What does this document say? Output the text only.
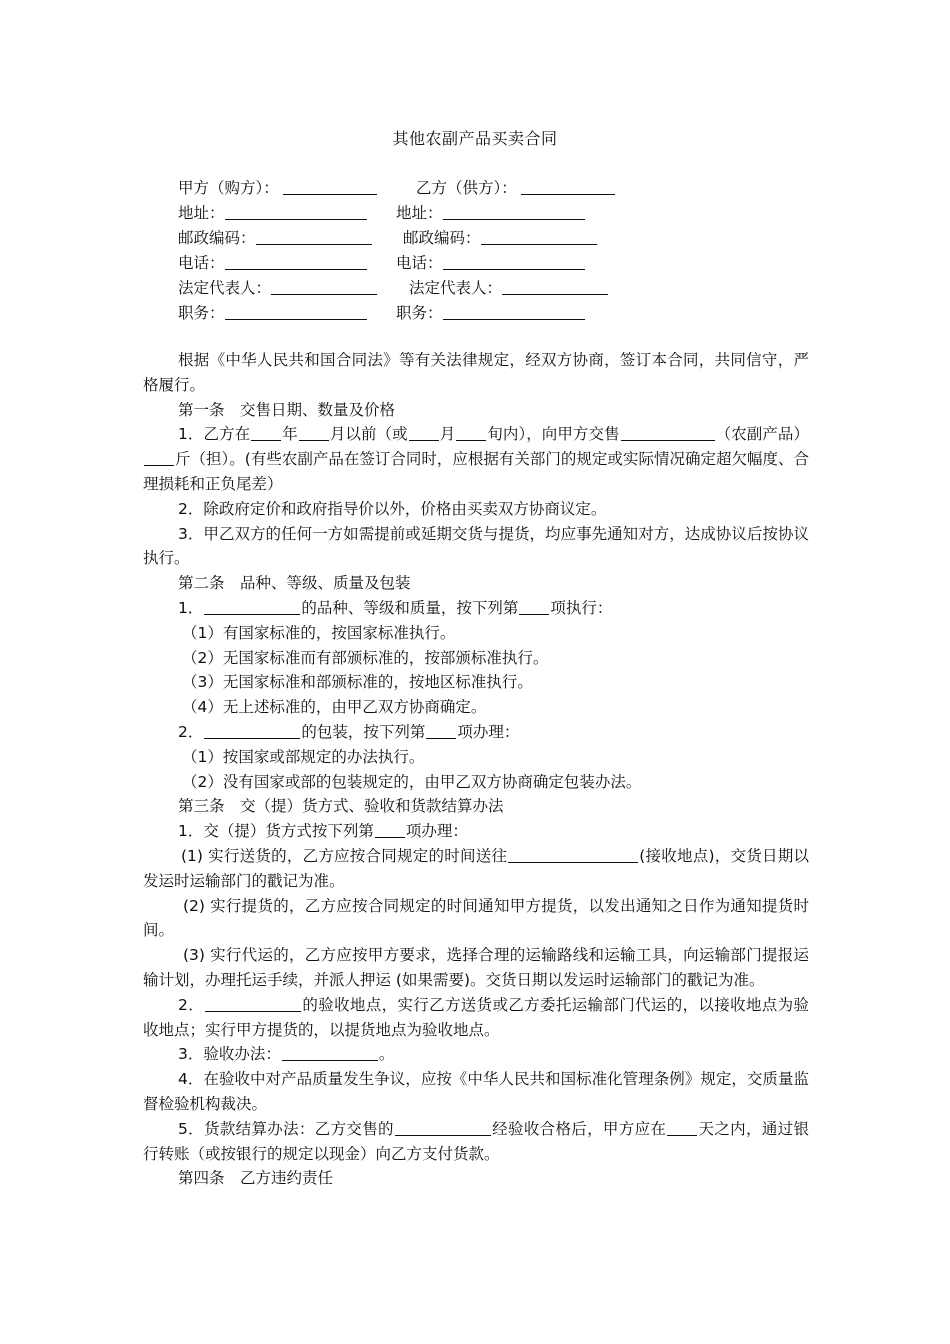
其他农副产品买卖合同
甲方（购方）：	乙方（供方）：
地址：	地址：
邮政编码：	邮政编码：
电话：	电话：
法定代表人：	法定代表人：
职务：	职务：

根据《中华人民共和国合同法》等有关法律规定，经双方协商，签订本合同，共同信守，严格履行。

第一条　交售日期、数量及价格

1．乙方在 年 月以前（或 月 旬内），向甲方交售	（农副产品）斤（担）。(有些农副产品在签订合同时，应根据有关部门的规定或实际情况确定超欠幅度、合理损耗和正负尾差）

2．除政府定价和政府指导价以外，价格由买卖双方协商议定。

3．甲乙双方的任何一方如需提前或延期交货与提货，均应事先通知对方，达成协议后按协议执行。

第二条　品种、等级、质量及包装

1．	的品种、等级和质量，按下列第 项执行：

（1）有国家标准的，按国家标准执行。

（2）无国家标准而有部颁标准的，按部颁标准执行。

（3）无国家标准和部颁标准的，按地区标准执行。

（4）无上述标准的，由甲乙双方协商确定。

2．	的包装，按下列第 项办理：

（1）按国家或部规定的办法执行。

（2）没有国家或部的包装规定的，由甲乙双方协商确定包装办法。

第三条　交（提）货方式、验收和货款结算办法

1．交（提）货方式按下列第 项办理：

(1) 实行送货的，乙方应按合同规定的时间送往	(接收地点)，交货日期以发运时运输部门的戳记为准。

(2) 实行提货的，乙方应按合同规定的时间通知甲方提货，以发出通知之日作为通知提货时间。

(3) 实行代运的，乙方应按甲方要求，选择合理的运输路线和运输工具，向运输部门提报运输计划，办理托运手续，并派人押运 (如果需要)。交货日期以发运时运输部门的戳记为准。

2．	的验收地点，实行乙方送货或乙方委托运输部门代运的，以接收地点为验收地点；实行甲方提货的，以提货地点为验收地点。

3．验收办法：	。

4．在验收中对产品质量发生争议，应按《中华人民共和国标准化管理条例》规定，交质量监督检验机构裁决。

5．货款结算办法：乙方交售的	经验收合格后，甲方应在 天之内，通过银行转账（或按银行的规定以现金）向乙方支付货款。

第四条　乙方违约责任
